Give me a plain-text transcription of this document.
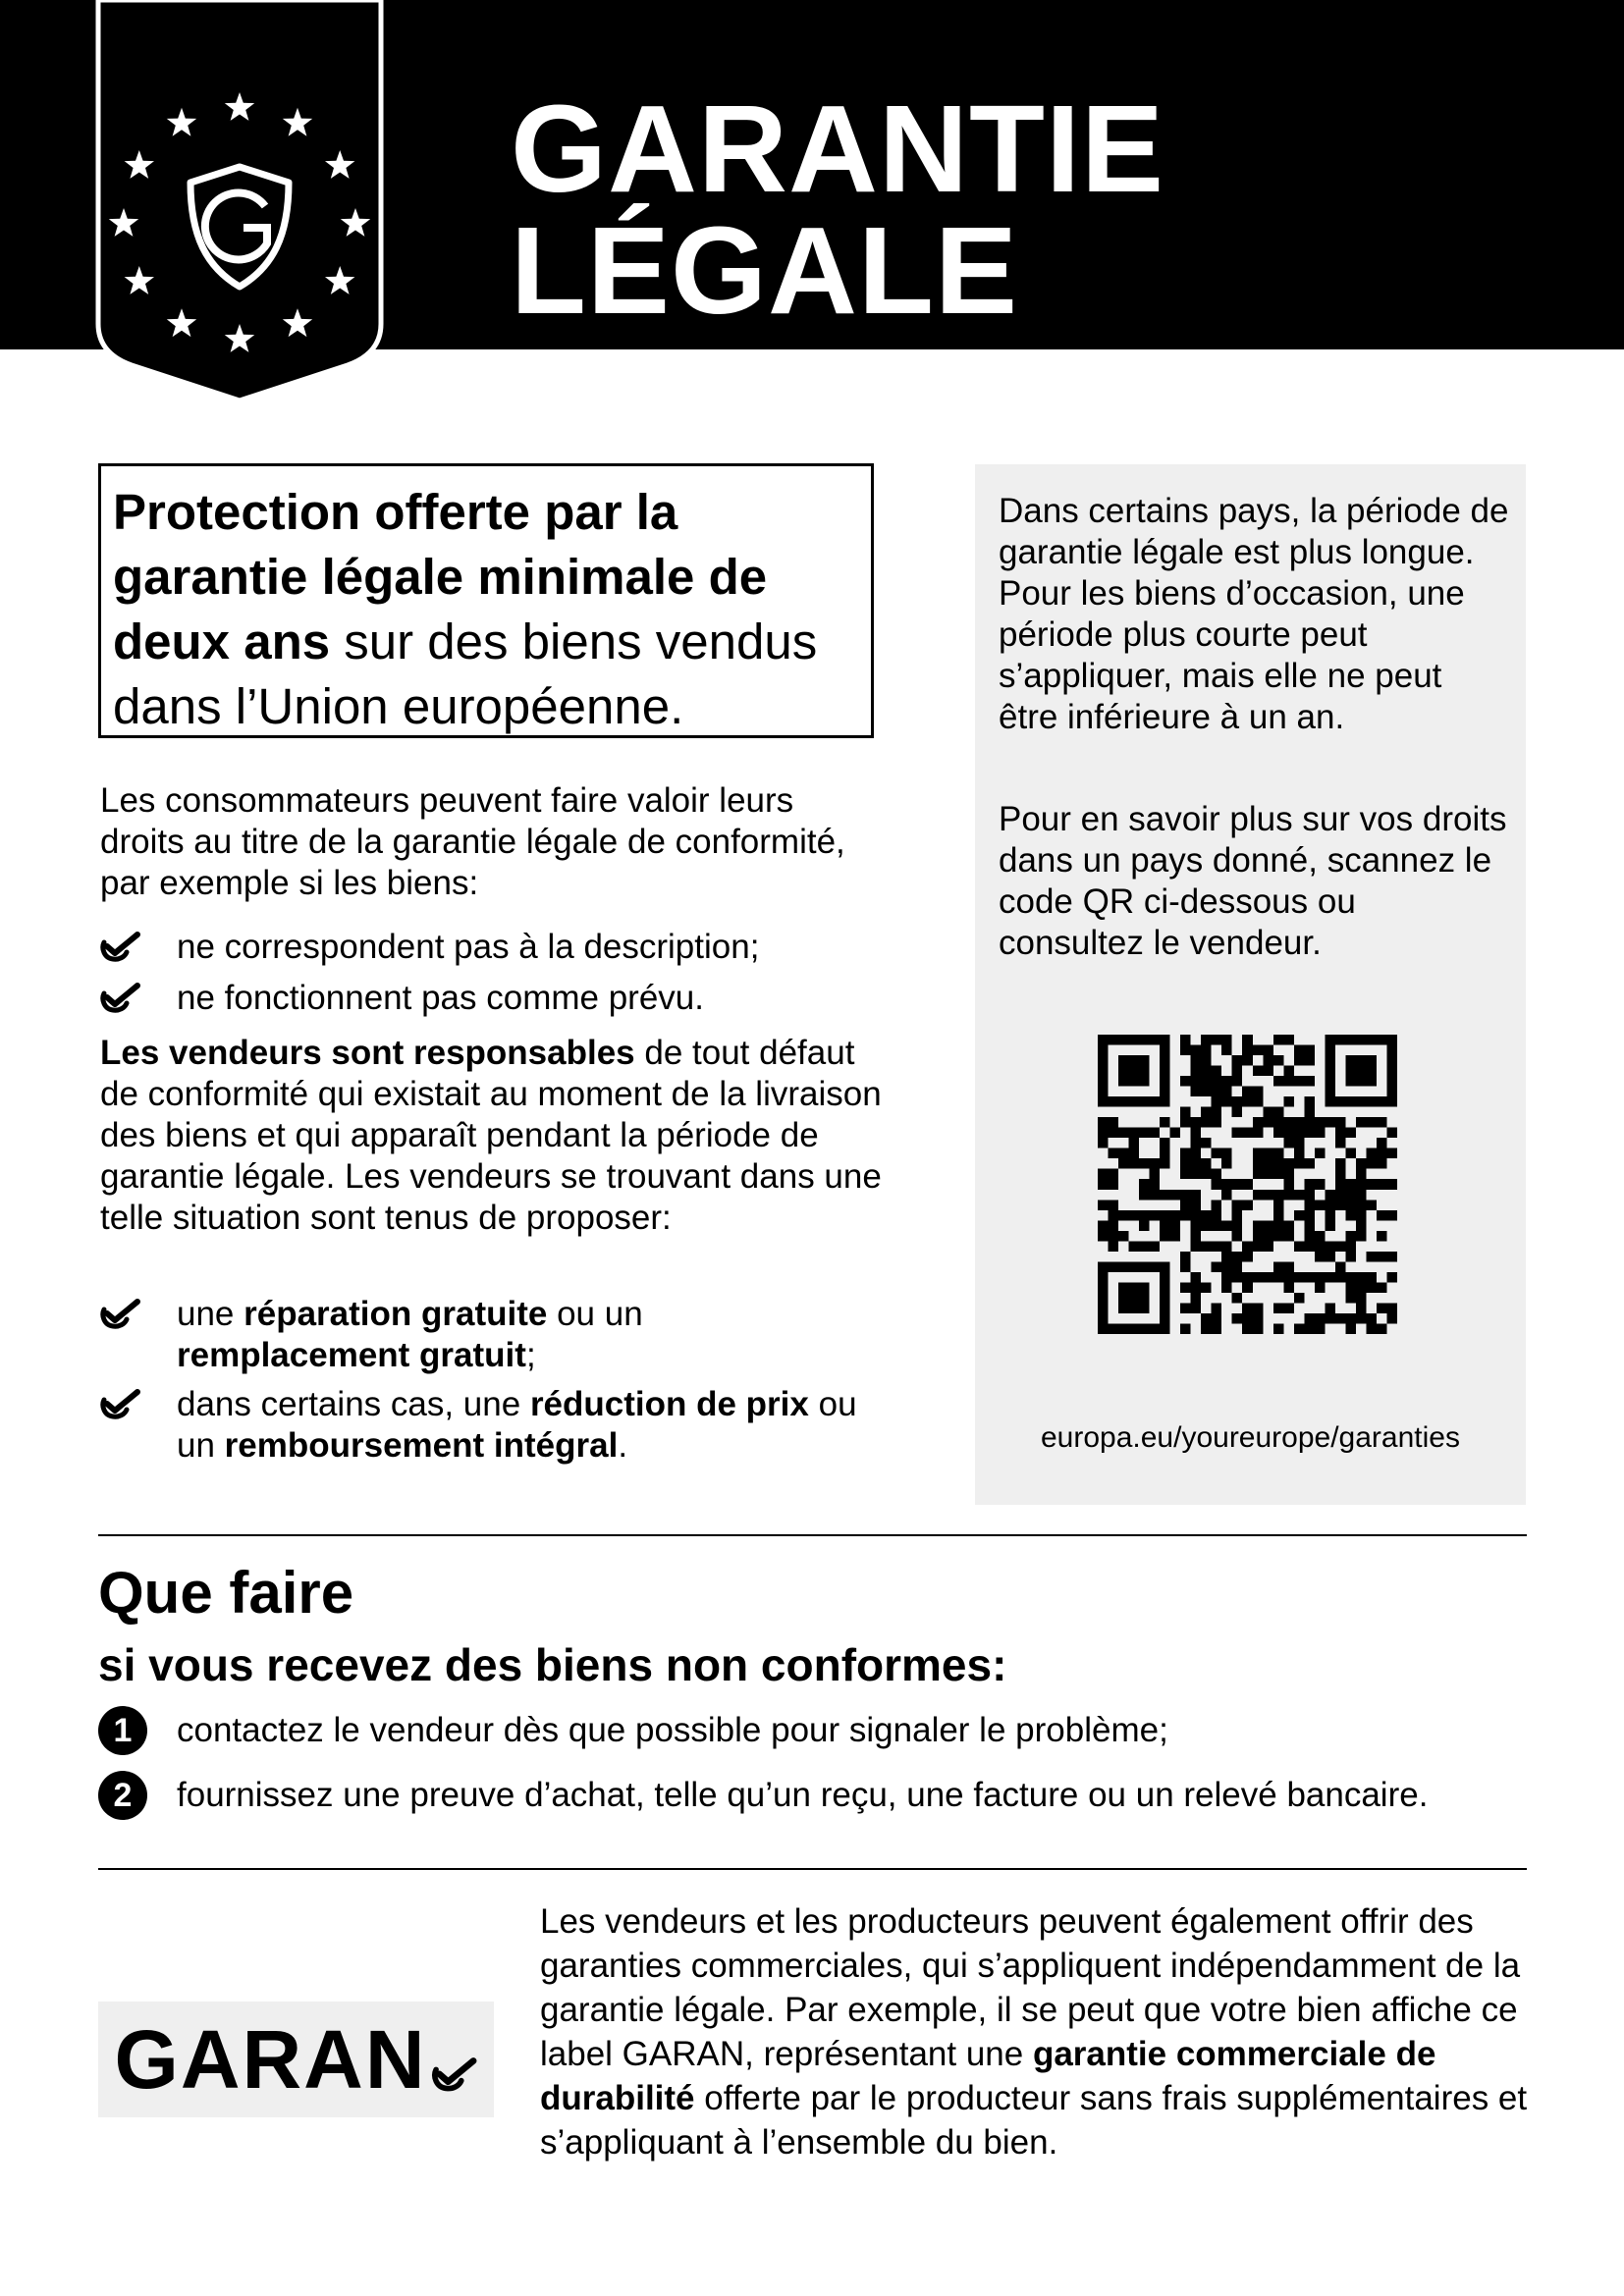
GARANTIE
LÉGALE
Protection offerte par la garantie légale minimale de deux ans sur des biens vendus dans l’Union européenne.
Les consommateurs peuvent faire valoir leurs droits au titre de la garantie légale de conformité, par exemple si les biens:
ne correspondent pas à la description;
ne fonctionnent pas comme prévu.
Les vendeurs sont responsables de tout défaut de conformité qui existait au moment de la livraison des biens et qui apparaît pendant la période de garantie légale. Les vendeurs se trouvant dans une telle situation sont tenus de proposer:
une réparation gratuite ou un remplacement gratuit;
dans certains cas, une réduction de prix ou un remboursement intégral.
Dans certains pays, la période de garantie légale est plus longue. Pour les biens d’occasion, une période plus courte peut s’appliquer, mais elle ne peut être inférieure à un an.
Pour en savoir plus sur vos droits dans un pays donné, scannez le code QR ci-dessous ou consultez le vendeur.
europa.eu/youreurope/garanties
Que faire
si vous recevez des biens non conformes:
1	contactez le vendeur dès que possible pour signaler le problème;
2	fournissez une preuve d’achat, telle qu’un reçu, une facture ou un relevé bancaire.
GARAN
Les vendeurs et les producteurs peuvent également offrir des garanties commerciales, qui s’appliquent indépendamment de la garantie légale. Par exemple, il se peut que votre bien affiche ce label GARAN, représentant une garantie commerciale de durabilité offerte par le producteur sans frais supplémentaires et s’appliquant à l’ensemble du bien.
